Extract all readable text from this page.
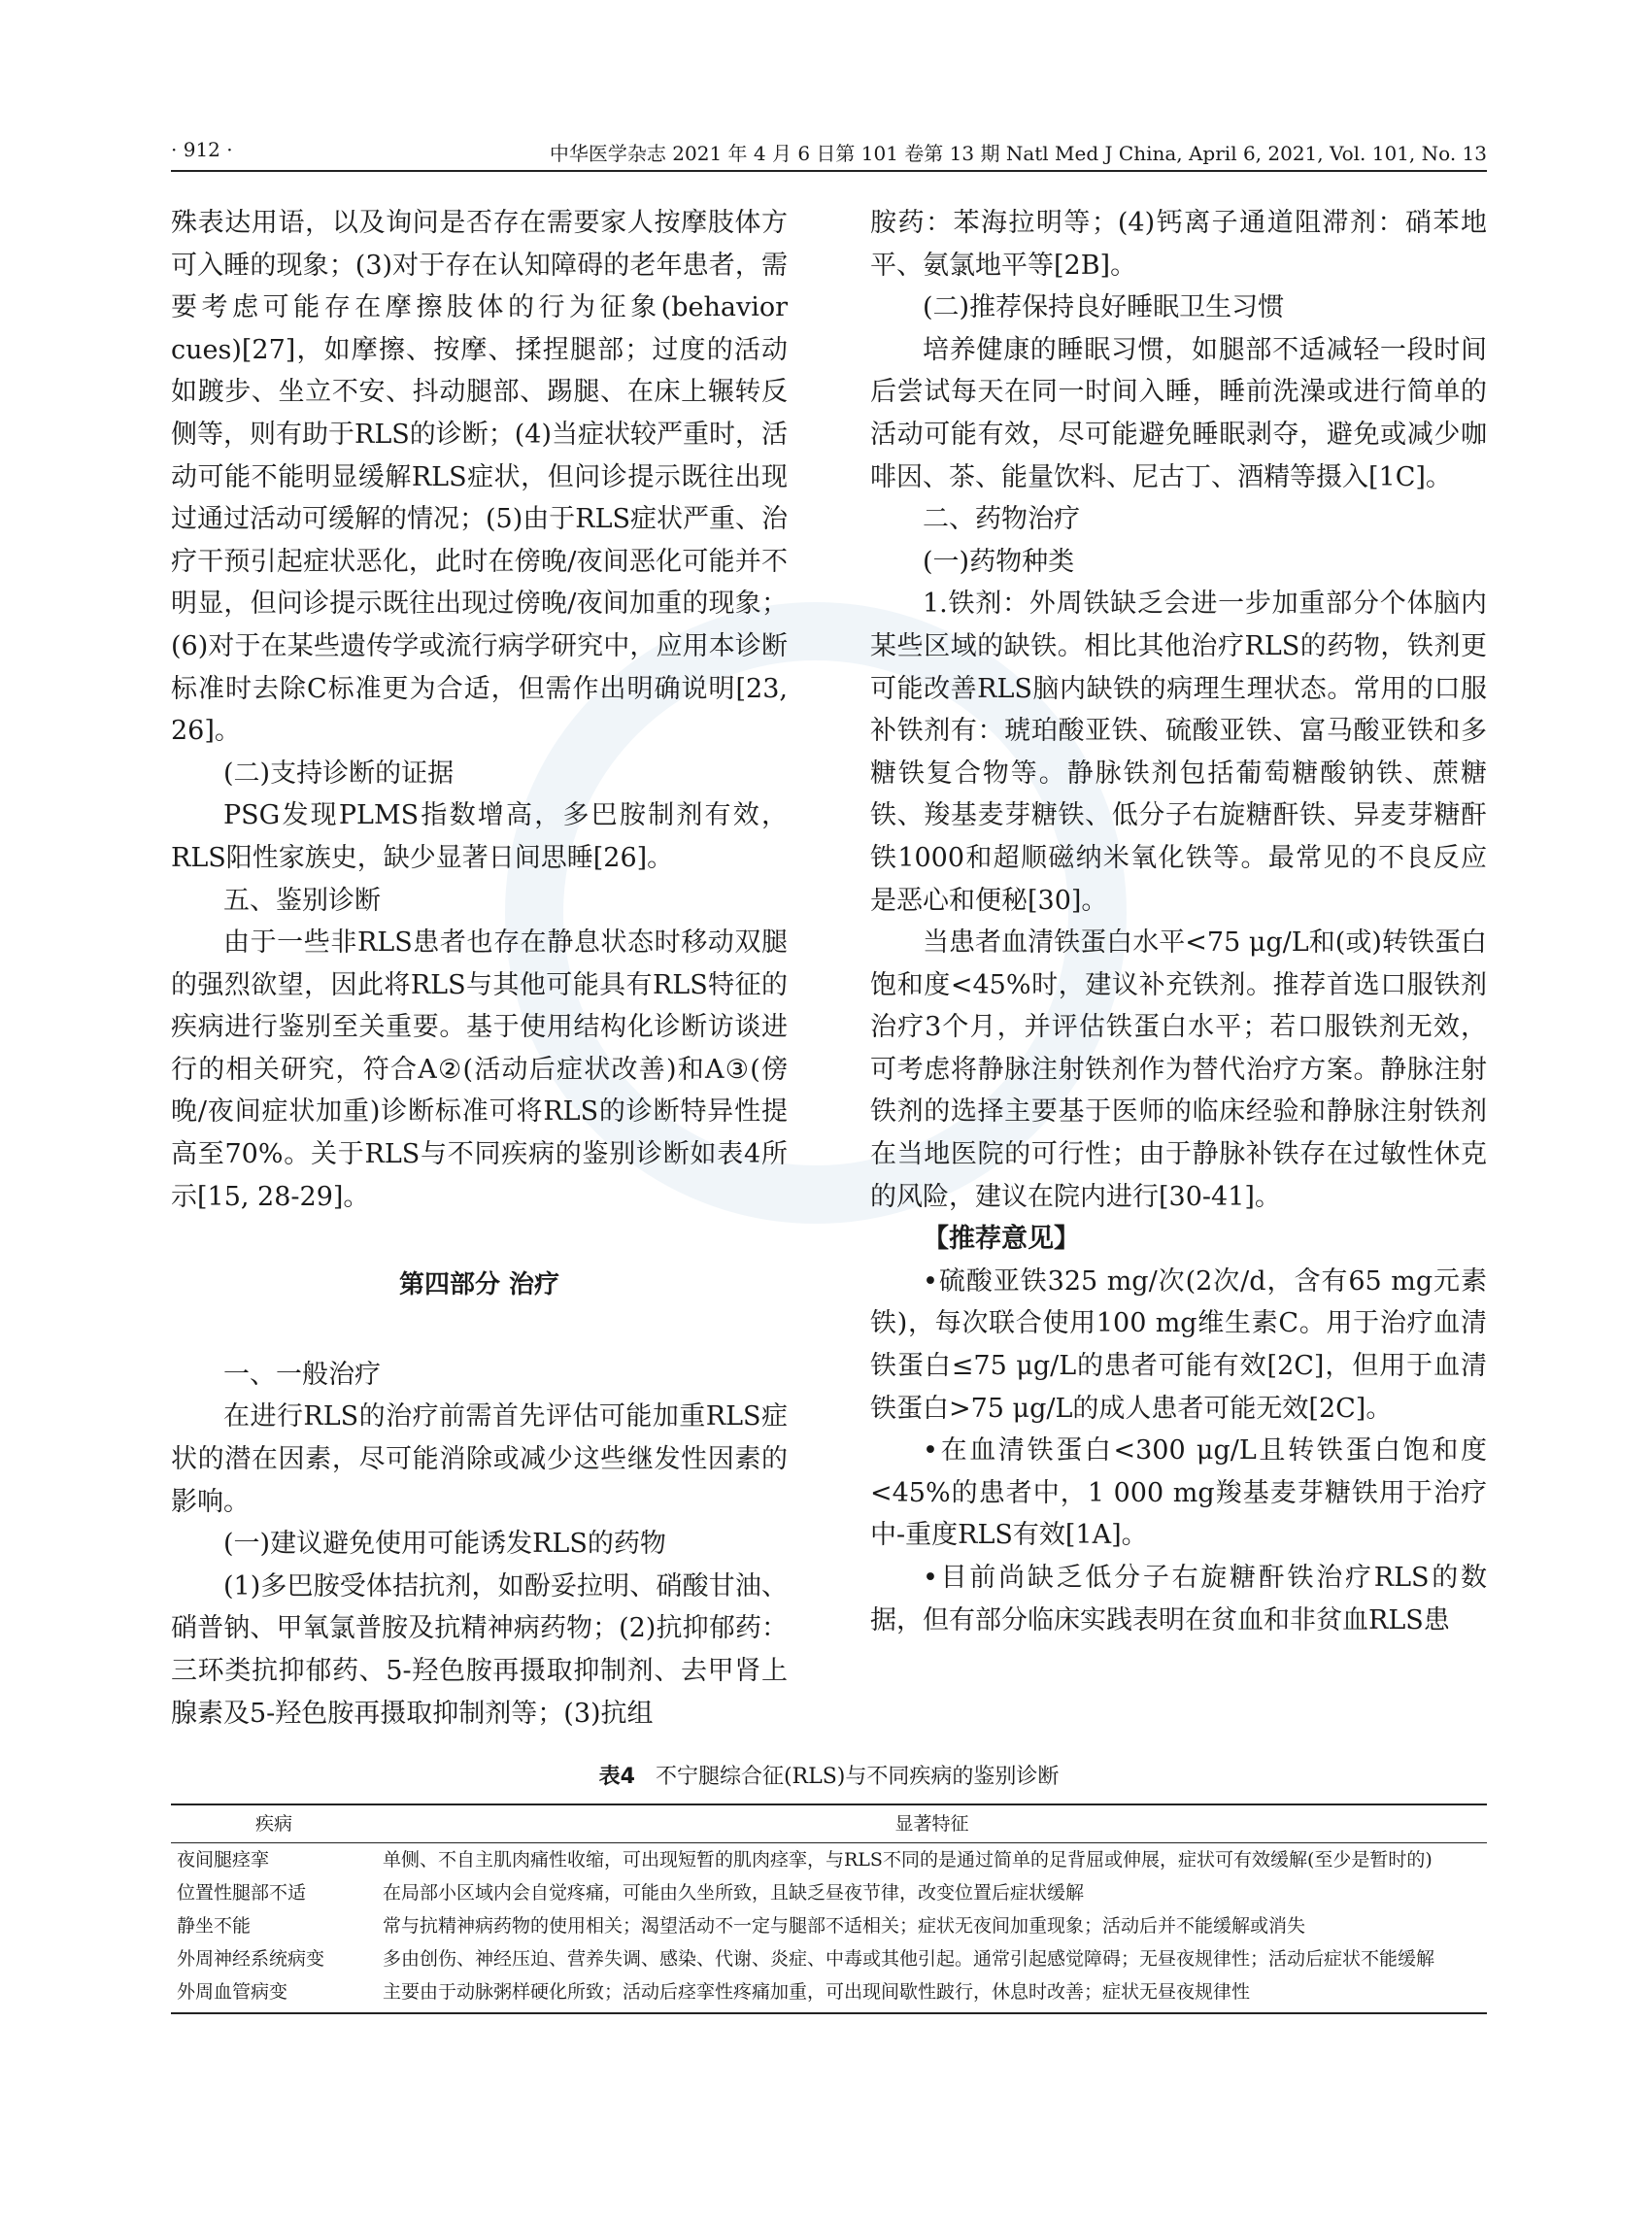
· 912 ·	中华医学杂志 2021 年 4 月 6 日第 101 卷第 13 期 Natl Med J China, April 6, 2021, Vol. 101, No. 13

殊表达用语，以及询问是否存在需要家人按摩肢体方可入睡的现象；(3)对于存在认知障碍的老年患者，需要考虑可能存在摩擦肢体的行为征象(behavior cues)[27]，如摩擦、按摩、揉捏腿部；过度的活动如踱步、坐立不安、抖动腿部、踢腿、在床上辗转反侧等，则有助于RLS的诊断；(4)当症状较严重时，活动可能不能明显缓解RLS症状，但问诊提示既往出现过通过活动可缓解的情况；(5)由于RLS症状严重、治疗干预引起症状恶化，此时在傍晚/夜间恶化可能并不明显，但问诊提示既往出现过傍晚/夜间加重的现象；(6)对于在某些遗传学或流行病学研究中，应用本诊断标准时去除C标准更为合适，但需作出明确说明[23, 26]。

(二)支持诊断的证据

PSG发现PLMS指数增高，多巴胺制剂有效，RLS阳性家族史，缺少显著日间思睡[26]。

五、鉴别诊断

由于一些非RLS患者也存在静息状态时移动双腿的强烈欲望，因此将RLS与其他可能具有RLS特征的疾病进行鉴别至关重要。基于使用结构化诊断访谈进行的相关研究，符合A②(活动后症状改善)和A③(傍晚/夜间症状加重)诊断标准可将RLS的诊断特异性提高至70%。关于RLS与不同疾病的鉴别诊断如表4所示[15, 28-29]。

第四部分 治疗

一、一般治疗

在进行RLS的治疗前需首先评估可能加重RLS症状的潜在因素，尽可能消除或减少这些继发性因素的影响。

(一)建议避免使用可能诱发RLS的药物

(1)多巴胺受体拮抗剂，如酚妥拉明、硝酸甘油、硝普钠、甲氧氯普胺及抗精神病药物；(2)抗抑郁药：三环类抗抑郁药、5-羟色胺再摄取抑制剂、去甲肾上腺素及5-羟色胺再摄取抑制剂等；(3)抗组

胺药：苯海拉明等；(4)钙离子通道阻滞剂：硝苯地平、氨氯地平等[2B]。

(二)推荐保持良好睡眠卫生习惯

培养健康的睡眠习惯，如腿部不适减轻一段时间后尝试每天在同一时间入睡，睡前洗澡或进行简单的活动可能有效，尽可能避免睡眠剥夺，避免或减少咖啡因、茶、能量饮料、尼古丁、酒精等摄入[1C]。

二、药物治疗

(一)药物种类

1.铁剂：外周铁缺乏会进一步加重部分个体脑内某些区域的缺铁。相比其他治疗RLS的药物，铁剂更可能改善RLS脑内缺铁的病理生理状态。常用的口服补铁剂有：琥珀酸亚铁、硫酸亚铁、富马酸亚铁和多糖铁复合物等。静脉铁剂包括葡萄糖酸钠铁、蔗糖铁、羧基麦芽糖铁、低分子右旋糖酐铁、异麦芽糖酐铁1000和超顺磁纳米氧化铁等。最常见的不良反应是恶心和便秘[30]。

当患者血清铁蛋白水平<75 μg/L和(或)转铁蛋白饱和度<45%时，建议补充铁剂。推荐首选口服铁剂治疗3个月，并评估铁蛋白水平；若口服铁剂无效，可考虑将静脉注射铁剂作为替代治疗方案。静脉注射铁剂的选择主要基于医师的临床经验和静脉注射铁剂在当地医院的可行性；由于静脉补铁存在过敏性休克的风险，建议在院内进行[30-41]。

【推荐意见】

•硫酸亚铁325 mg/次(2次/d，含有65 mg元素铁)，每次联合使用100 mg维生素C。用于治疗血清铁蛋白≤75 μg/L的患者可能有效[2C]，但用于血清铁蛋白>75 μg/L的成人患者可能无效[2C]。

•在血清铁蛋白<300 μg/L且转铁蛋白饱和度<45%的患者中，1 000 mg羧基麦芽糖铁用于治疗中-重度RLS有效[1A]。

•目前尚缺乏低分子右旋糖酐铁治疗RLS的数据，但有部分临床实践表明在贫血和非贫血RLS患

表4 不宁腿综合征(RLS)与不同疾病的鉴别诊断
疾病	显著特征
夜间腿痉挛	单侧、不自主肌肉痛性收缩，可出现短暂的肌肉痉挛，与RLS不同的是通过简单的足背屈或伸展，症状可有效缓解(至少是暂时的)
位置性腿部不适	在局部小区域内会自觉疼痛，可能由久坐所致，且缺乏昼夜节律，改变位置后症状缓解
静坐不能	常与抗精神病药物的使用相关；渴望活动不一定与腿部不适相关；症状无夜间加重现象；活动后并不能缓解或消失
外周神经系统病变	多由创伤、神经压迫、营养失调、感染、代谢、炎症、中毒或其他引起。通常引起感觉障碍；无昼夜规律性；活动后症状不能缓解
外周血管病变	主要由于动脉粥样硬化所致；活动后痉挛性疼痛加重，可出现间歇性跛行，休息时改善；症状无昼夜规律性
